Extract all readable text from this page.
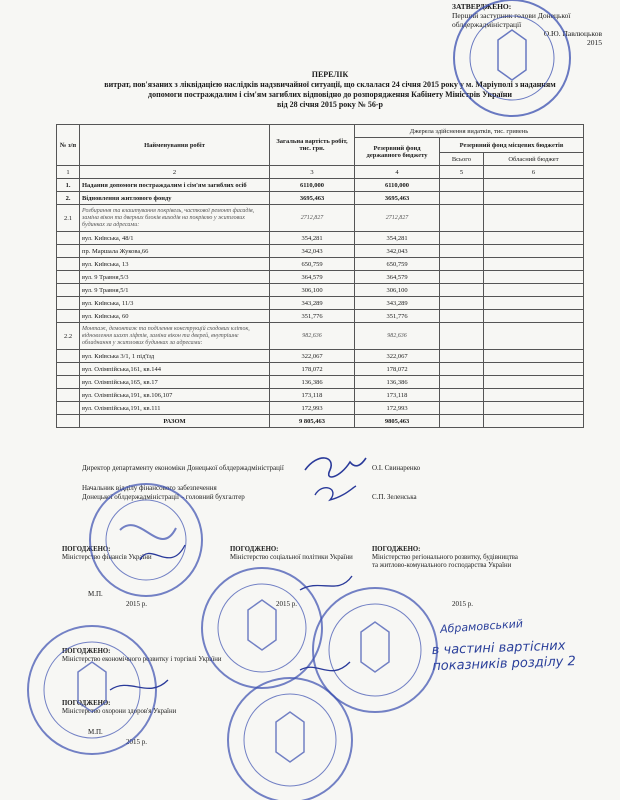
ЗАТВЕРДЖЕНО:
Перший заступник голови Донецької
облдержадміністрації
О.Ю. Павлюцьков
2015
ПЕРЕЛІК
витрат, пов'язаних з ліквідацією наслідків надзвичайної ситуації, що склалася 24 січня 2015 року у м. Маріуполі з наданням
допомоги постраждалим і сім'ям загиблих відповідно до розпорядження Кабінету Міністрів України
від 28 січня 2015 року № 56-р
№ з/п	Найменування робіт	Загальна вартість робіт, тис. грн.	Джерела здійснення видатків, тис. гривень
Резервний фонд державного бюджету	Резервний фонд місцевих бюджетів
Всього	Обласний бюджет
1	2	3	4	5	6
1.	Надання допомоги постраждалим і сім'ям загиблих осіб	6110,000	6110,000		
2.	Відновлення житлового фонду	3695,463	3695,463		
2.1	Розбирання та влаштування покрівель, часткової ремонт фасадів, заміна вікон та дверних блоків виходів на покрівлю у житлових будинках за адресами:	2712,827	2712,827		
	вул. Київська, 48/1	354,281	354,281		
	пр. Маршала Жукова,66	342,043	342,043		
	вул. Київська, 13	650,759	650,759		
	вул. 9 Травня,5/3	364,579	364,579		
	вул. 9 Травня,5/1	306,100	306,100		
	вул. Київська, 11/3	343,289	343,289		
	вул. Київська, 60	351,776	351,776		
2.2	Монтаж, демонтаж та поділення конструкцій сходових кліток, відновлення шахт ліфтів, заміна вікон та дверей, внутрішнє обладнання у житлових будинках за адресами:	982,636	982,636		
	вул. Київська 3/1, 1 під'їзд	322,067	322,067		
	вул. Олімпійська,161, кв.144	178,072	178,072		
	вул. Олімпійська,165, кв.17	136,386	136,386		
	вул. Олімпійська,191, кв.106,107	173,118	173,118		
	вул. Олімпійська,191, кв.111	172,993	172,993		
	РАЗОМ	9 805,463	9805,463		
Директор департаменту економіки Донецької облдержадміністрації	О.І. Свинаренко
Начальник відділу фінансового забезпечення
Донецької облдержадміністрації – головний бухгалтер	С.П. Зеленська
ПОГОДЖЕНО:
Міністерство фінансів України
ПОГОДЖЕНО:
Міністерство соціальної політики України
ПОГОДЖЕНО:
Міністерство регіонального розвитку, будівництва та житлово-комунального господарства України
М.П.
2015 р.	2015 р.	2015 р.
ПОГОДЖЕНО:
Міністерство економічного розвитку і торгівлі України
ПОГОДЖЕНО:
Міністерство охорони здоров'я України
М.П.
2015 р.
в частині вартісних показників розділу 2
Абрамовський
